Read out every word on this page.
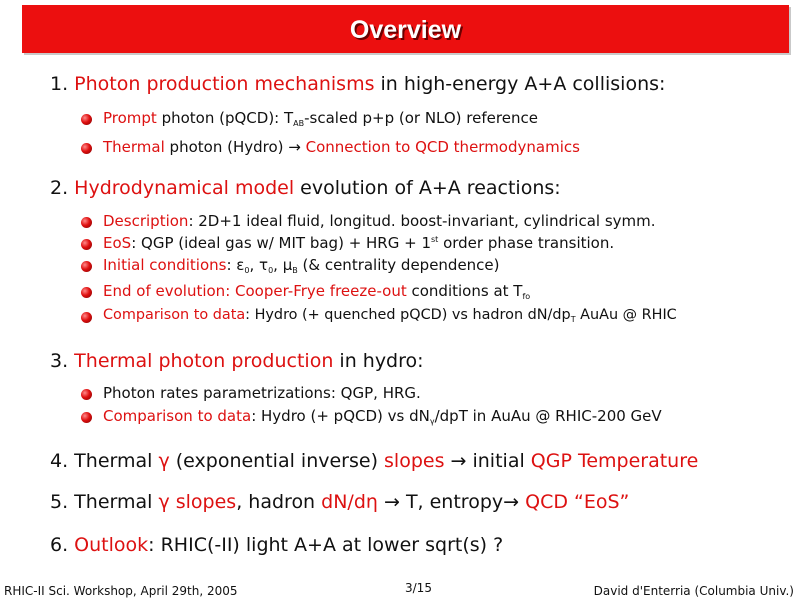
Overview
1. Photon production mechanisms in high-energy A+A collisions:
Prompt photon (pQCD): $T_{AB}$-scaled p+p (or NLO) reference
Thermal photon (Hydro) → Connection to QCD thermodynamics
2. Hydrodynamical model evolution of A+A reactions:
Description: 2D+1 ideal fluid, longitud. boost-invariant, cylindrical symm.
EoS: QGP (ideal gas w/ MIT bag) + HRG + 1st order phase transition.
Initial conditions: $\varepsilon_0$, $\tau_0$, $\mu_B$ (& centrality dependence)
End of evolution: Cooper-Frye freeze-out conditions at $T_{fo}$
Comparison to data: Hydro (+ quenched pQCD) vs hadron $dN/dp_T$ AuAu @ RHIC
3. Thermal photon production in hydro:
Photon rates parametrizations: QGP, HRG.
Comparison to data: Hydro (+ pQCD) vs $dN_\gamma$/dpT in AuAu @ RHIC-200 GeV
4. Thermal γ (exponential inverse) slopes → initial QGP Temperature
5. Thermal γ slopes, hadron dN/dη → T, entropy→ QCD “EoS”
6. Outlook: RHIC(-II) light A+A at lower sqrt(s) ?
RHIC-II Sci. Workshop, April 29th, 2005	3/15	David d'Enterria (Columbia Univ.)
